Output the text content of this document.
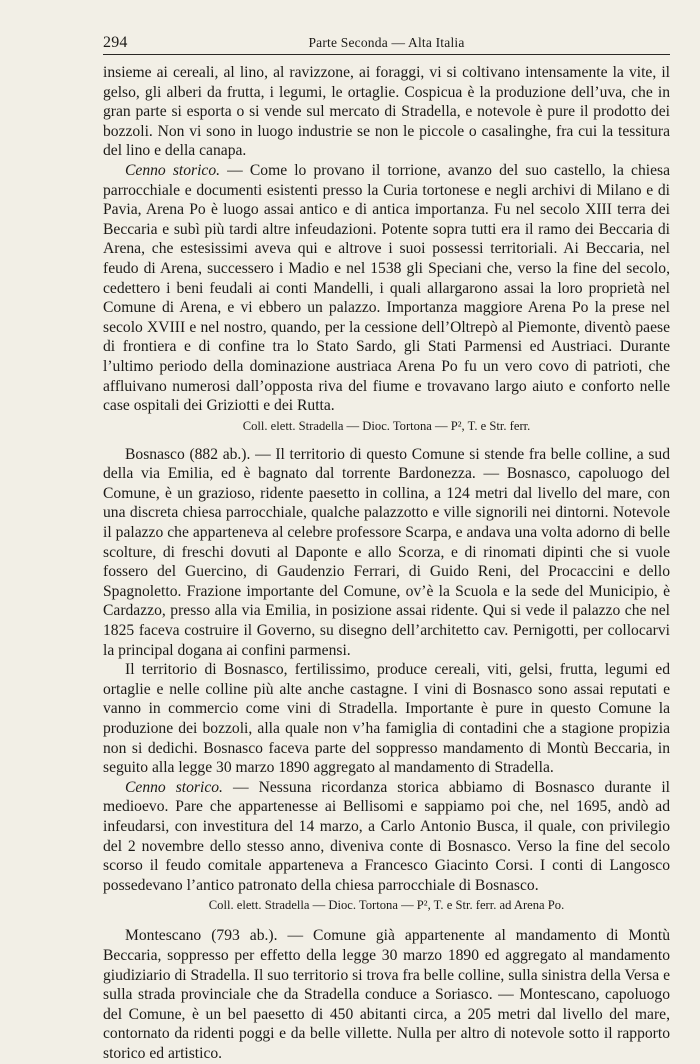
294	Parte Seconda — Alta Italia

insieme ai cereali, al lino, al ravizzone, ai foraggi, vi si coltivano intensamente la vite, il gelso, gli alberi da frutta, i legumi, le ortaglie. Cospicua è la produzione dell’uva, che in gran parte si esporta o si vende sul mercato di Stradella, e notevole è pure il prodotto dei bozzoli. Non vi sono in luogo industrie se non le piccole o casalinghe, fra cui la tessitura del lino e della canapa.

Cenno storico. — Come lo provano il torrione, avanzo del suo castello, la chiesa parrocchiale e documenti esistenti presso la Curia tortonese e negli archivi di Milano e di Pavia, Arena Po è luogo assai antico e di antica importanza. Fu nel secolo XIII terra dei Beccaria e subì più tardi altre infeudazioni. Potente sopra tutti era il ramo dei Beccaria di Arena, che estesissimi aveva qui e altrove i suoi possessi territoriali. Ai Beccaria, nel feudo di Arena, successero i Madio e nel 1538 gli Speciani che, verso la fine del secolo, cedettero i beni feudali ai conti Mandelli, i quali allargarono assai la loro proprietà nel Comune di Arena, e vi ebbero un palazzo. Importanza maggiore Arena Po la prese nel secolo XVIII e nel nostro, quando, per la cessione dell’Oltrepò al Piemonte, diventò paese di frontiera e di confine tra lo Stato Sardo, gli Stati Parmensi ed Austriaci. Durante l’ultimo periodo della dominazione austriaca Arena Po fu un vero covo di patrioti, che affluivano numerosi dall’opposta riva del fiume e trovavano largo aiuto e conforto nelle case ospitali dei Griziotti e dei Rutta.

Coll. elett. Stradella — Dioc. Tortona — P², T. e Str. ferr.

Bosnasco (882 ab.). — Il territorio di questo Comune si stende fra belle colline, a sud della via Emilia, ed è bagnato dal torrente Bardonezza. — Bosnasco, capoluogo del Comune, è un grazioso, ridente paesetto in collina, a 124 metri dal livello del mare, con una discreta chiesa parrocchiale, qualche palazzotto e ville signorili nei dintorni. Notevole il palazzo che apparteneva al celebre professore Scarpa, e andava una volta adorno di belle scolture, di freschi dovuti al Daponte e allo Scorza, e di rinomati dipinti che si vuole fossero del Guercino, di Gaudenzio Ferrari, di Guido Reni, del Procaccini e dello Spagnoletto. Frazione importante del Comune, ov’è la Scuola e la sede del Municipio, è Cardazzo, presso alla via Emilia, in posizione assai ridente. Qui si vede il palazzo che nel 1825 faceva costruire il Governo, su disegno dell’architetto cav. Pernigotti, per collocarvi la principal dogana ai confini parmensi.

Il territorio di Bosnasco, fertilissimo, produce cereali, viti, gelsi, frutta, legumi ed ortaglie e nelle colline più alte anche castagne. I vini di Bosnasco sono assai reputati e vanno in commercio come vini di Stradella. Importante è pure in questo Comune la produzione dei bozzoli, alla quale non v’ha famiglia di contadini che a stagione propizia non si dedichi. Bosnasco faceva parte del soppresso mandamento di Montù Beccaria, in seguito alla legge 30 marzo 1890 aggregato al mandamento di Stradella.

Cenno storico. — Nessuna ricordanza storica abbiamo di Bosnasco durante il medioevo. Pare che appartenesse ai Bellisomi e sappiamo poi che, nel 1695, andò ad infeudarsi, con investitura del 14 marzo, a Carlo Antonio Busca, il quale, con privilegio del 2 novembre dello stesso anno, diveniva conte di Bosnasco. Verso la fine del secolo scorso il feudo comitale apparteneva a Francesco Giacinto Corsi. I conti di Langosco possedevano l’antico patronato della chiesa parrocchiale di Bosnasco.

Coll. elett. Stradella — Dioc. Tortona — P², T. e Str. ferr. ad Arena Po.

Montescano (793 ab.). — Comune già appartenente al mandamento di Montù Beccaria, soppresso per effetto della legge 30 marzo 1890 ed aggregato al mandamento giudiziario di Stradella. Il suo territorio si trova fra belle colline, sulla sinistra della Versa e sulla strada provinciale che da Stradella conduce a Soriasco. — Montescano, capoluogo del Comune, è un bel paesetto di 450 abitanti circa, a 205 metri dal livello del mare, contornato da ridenti poggi e da belle villette. Nulla per altro di notevole sotto il rapporto storico ed artistico.
